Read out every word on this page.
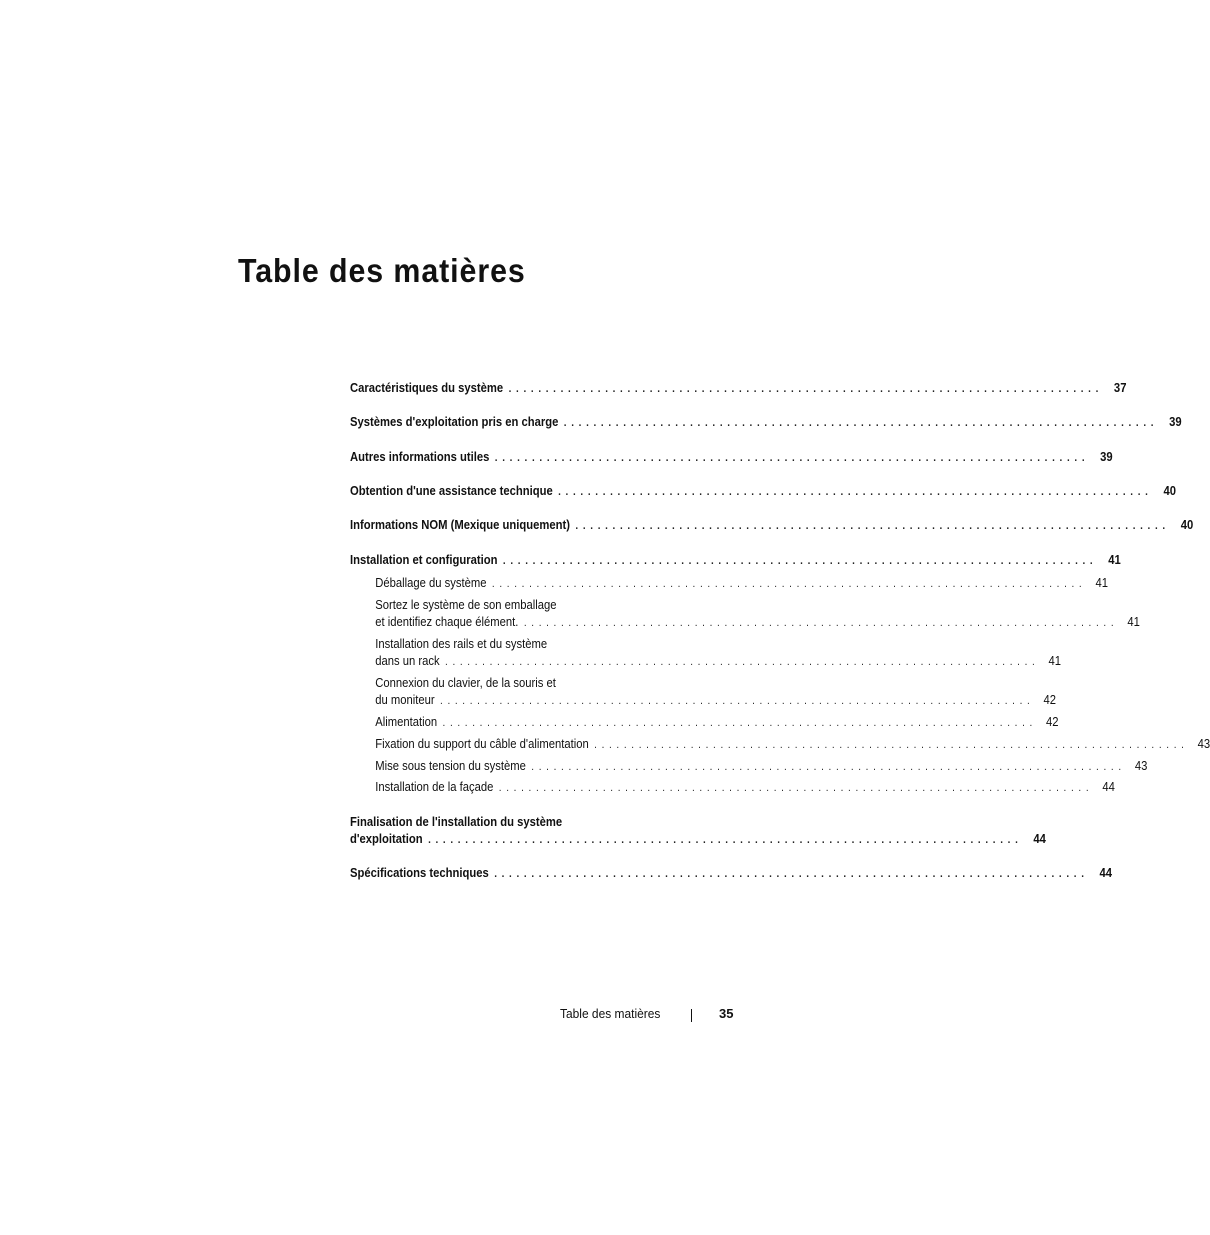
Table des matières
Caractéristiques du système ................................................................................ 37
Systèmes d'exploitation pris en charge ................................................................................ 39
Autres informations utiles ................................................................................ 39
Obtention d'une assistance technique ................................................................................ 40
Informations NOM (Mexique uniquement) ................................................................................ 40
Installation et configuration ................................................................................ 41
Déballage du système ................................................................................ 41
Sortez le système de son emballage
et identifiez chaque élément. ................................................................................ 41
Installation des rails et du système
dans un rack ................................................................................ 41
Connexion du clavier, de la souris et
du moniteur ................................................................................ 42
Alimentation ................................................................................ 42
Fixation du support du câble d'alimentation ................................................................................ 43
Mise sous tension du système ................................................................................ 43
Installation de la façade ................................................................................ 44
Finalisation de l'installation du système
d'exploitation ................................................................................ 44
Spécifications techniques ................................................................................ 44
Table des matières	35
